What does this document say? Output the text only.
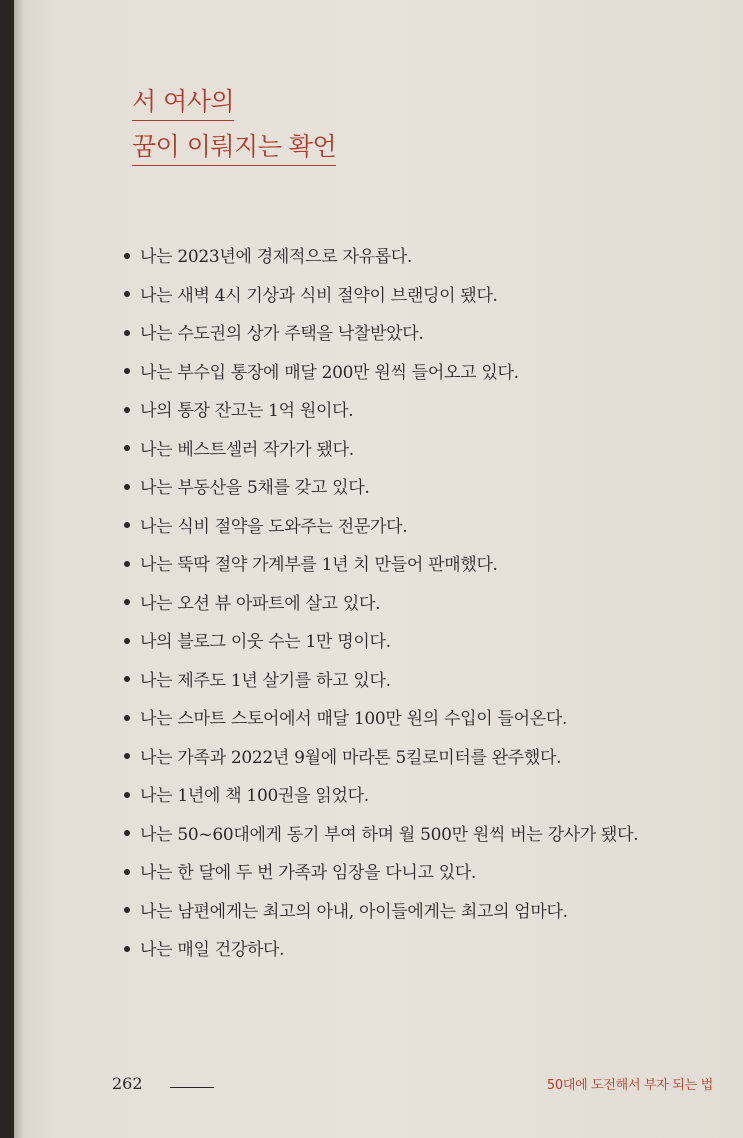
서 여사의
꿈이 이뤄지는 확언
나는 2023년에 경제적으로 자유롭다.
나는 새벽 4시 기상과 식비 절약이 브랜딩이 됐다.
나는 수도권의 상가 주택을 낙찰받았다.
나는 부수입 통장에 매달 200만 원씩 들어오고 있다.
나의 통장 잔고는 1억 원이다.
나는 베스트셀러 작가가 됐다.
나는 부동산을 5채를 갖고 있다.
나는 식비 절약을 도와주는 전문가다.
나는 뚝딱 절약 가계부를 1년 치 만들어 판매했다.
나는 오션 뷰 아파트에 살고 있다.
나의 블로그 이웃 수는 1만 명이다.
나는 제주도 1년 살기를 하고 있다.
나는 스마트 스토어에서 매달 100만 원의 수입이 들어온다.
나는 가족과 2022년 9월에 마라톤 5킬로미터를 완주했다.
나는 1년에 책 100권을 읽었다.
나는 50~60대에게 동기 부여 하며 월 500만 원씩 버는 강사가 됐다.
나는 한 달에 두 번 가족과 임장을 다니고 있다.
나는 남편에게는 최고의 아내, 아이들에게는 최고의 엄마다.
나는 매일 건강하다.
262	50대에 도전해서 부자 되는 법
